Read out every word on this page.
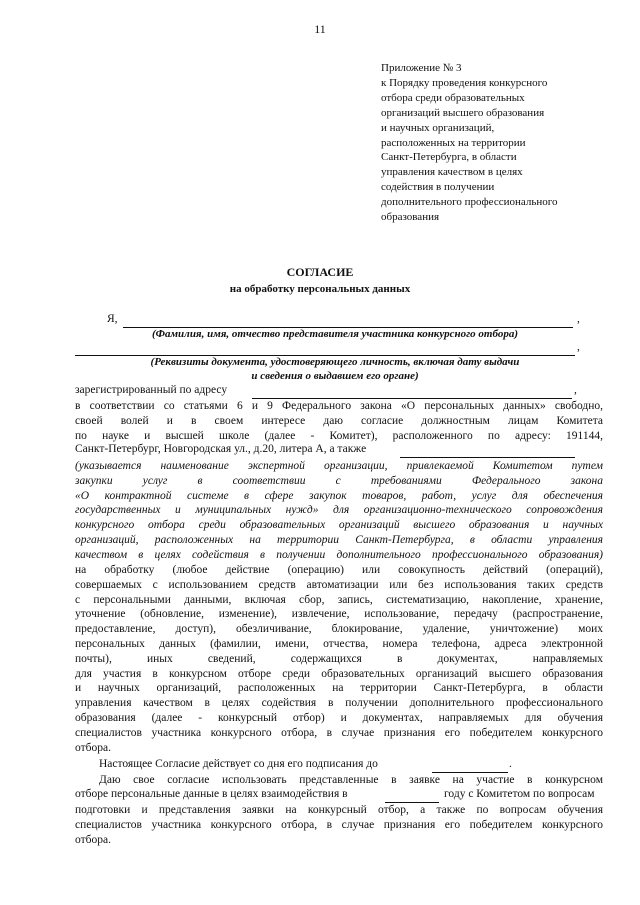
11
Приложение № 3
к Порядку проведения конкурсного
отбора среди образовательных
организаций высшего образования
и научных организаций,
расположенных на территории
Санкт-Петербурга, в области
управления качеством в целях
содействия в получении
дополнительного профессионального
образования
СОГЛАСИЕ
на обработку персональных данных
Я,	,
(Фамилия, имя, отчество представителя участника конкурсного отбора)
,
(Реквизиты документа, удостоверяющего личность, включая дату выдачи
и сведения о выдавшем его органе)
зарегистрированный по адресу	,
в соответствии со статьями 6 и 9 Федерального закона «О персональных данных» свободно,
своей волей и в своем интересе даю согласие должностным лицам Комитета
по науке и высшей школе (далее - Комитет), расположенного по адресу: 191144,
Санкт-Петербург, Новгородская ул., д.20, литера А, а также
(указывается наименование экспертной организации, привлекаемой Комитетом путем
закупки услуг в соответствии с требованиями Федерального закона
«О контрактной системе в сфере закупок товаров, работ, услуг для обеспечения
государственных и муниципальных нужд» для организационно-технического сопровождения
конкурсного отбора среди образовательных организаций высшего образования и научных
организаций, расположенных на территории Санкт-Петербурга, в области управления
качеством в целях содействия в получении дополнительного профессионального образования)
на обработку (любое действие (операцию) или совокупность действий (операций),
совершаемых с использованием средств автоматизации или без использования таких средств
с персональными данными, включая сбор, запись, систематизацию, накопление, хранение,
уточнение (обновление, изменение), извлечение, использование, передачу (распространение,
предоставление, доступ), обезличивание, блокирование, удаление, уничтожение) моих
персональных данных (фамилии, имени, отчества, номера телефона, адреса электронной
почты), иных сведений, содержащихся в документах, направляемых
для участия в конкурсном отборе среди образовательных организаций высшего образования
и научных организаций, расположенных на территории Санкт-Петербурга, в области
управления качеством в целях содействия в получении дополнительного профессионального
образования (далее - конкурсный отбор) и документах, направляемых для обучения
специалистов участника конкурсного отбора, в случае признания его победителем конкурсного
отбора.
Настоящее Согласие действует со дня его подписания до	.
Даю свое согласие использовать представленные в заявке на участие в конкурсном
отборе персональные данные в целях взаимодействия в	году с Комитетом по вопросам
подготовки и представления заявки на конкурсный отбор, а также по вопросам обучения
специалистов участника конкурсного отбора, в случае признания его победителем конкурсного
отбора.
